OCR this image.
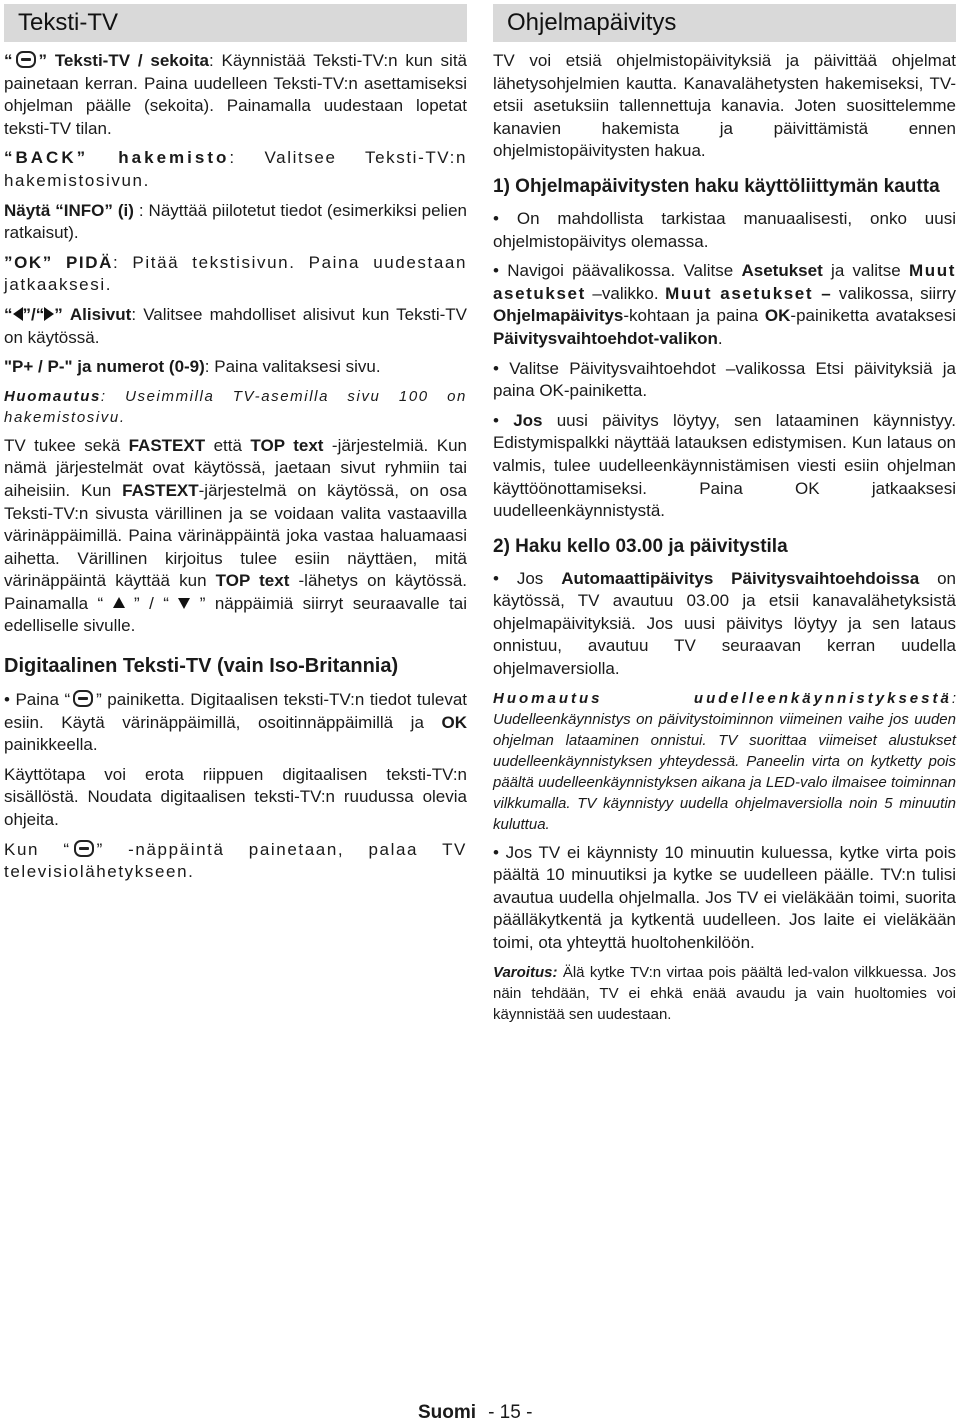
Teksti-TV

“ ” Teksti-TV / sekoita: Käynnistää Teksti-TV:n kun sitä painetaan kerran. Paina uudelleen Teksti-TV:n asettamiseksi ohjelman päälle (sekoita). Painamalla uudestaan lopetat teksti-TV tilan.

“BACK” hakemisto: Valitsee Teksti-TV:n hakemistosivun.

Näytä “INFO” (i) : Näyttää piilotetut tiedot (esimerkiksi pelien ratkaisut).

”OK” PIDÄ: Pitää tekstisivun. Paina uudestaan jatkaaksesi.

“ ”/“ ” Alisivut: Valitsee mahdolliset alisivut kun Teksti-TV on käytössä.

"P+ / P-" ja numerot (0-9): Paina valitaksesi sivu.

Huomautus: Useimmilla TV-asemilla sivu 100 on hakemistosivu.

TV tukee sekä FASTEXT että TOP text -järjestelmiä. Kun nämä järjestelmät ovat käytössä, jaetaan sivut ryhmiin tai aiheisiin. Kun FASTEXT-järjestelmä on käytössä, on osa Teksti-TV:n sivusta värillinen ja se voidaan valita vastaavilla värinäppäimillä. Paina värinäppäintä joka vastaa haluamaasi aihetta. Värillinen kirjoitus tulee esiin näyttäen, mitä värinäppäintä käyttää kun TOP text -lähetys on käytössä. Painamalla “  ” / “  ” näppäimiä siirryt seuraavalle tai edelliselle sivulle.

Digitaalinen Teksti-TV (vain Iso-Britannia)

• Paina “ ” painiketta. Digitaalisen teksti-TV:n tiedot tulevat esiin. Käytä värinäppäimillä, osoitinnäppäimillä ja OK painikkeella.

Käyttötapa voi erota riippuen digitaalisen teksti-TV:n sisällöstä. Noudata digitaalisen teksti-TV:n ruudussa olevia ohjeita.

Kun “ ” -näppäintä painetaan, palaa TV televisiolähetykseen.

Ohjelmapäivitys

TV voi etsiä ohjelmistopäivityksiä ja päivittää ohjelmat lähetysohjelmien kautta. Kanavalähetysten hakemiseksi, TV-etsii asetuksiin tallennettuja kanavia. Joten suosittelemme kanavien hakemista ja päivittämistä ennen ohjelmistopäivitysten hakua.

1) Ohjelmapäivitysten haku käyttöliittymän kautta

• On mahdollista tarkistaa manuaalisesti, onko uusi ohjelmistopäivitys olemassa.

• Navigoi päävalikossa. Valitse Asetukset ja valitse Muut asetukset –valikko. Muut asetukset – valikossa, siirry Ohjelmapäivitys-kohtaan ja paina OK-painiketta avataksesi Päivitysvaihtoehdot-valikon.

• Valitse Päivitysvaihtoehdot –valikossa Etsi päivityksiä ja paina OK-painiketta.

• Jos uusi päivitys löytyy, sen lataaminen käynnistyy. Edistymispalkki näyttää latauksen edistymisen. Kun lataus on valmis, tulee uudelleenkäynnistämisen viesti esiin ohjelman käyttöönottamiseksi. Paina OK jatkaaksesi uudelleenkäynnistystä.

2) Haku kello 03.00 ja päivitystila

• Jos Automaattipäivitys Päivitysvaihtoehdoissa on käytössä, TV avautuu 03.00 ja etsii kanavalähetyksistä ohjelmapäivityksiä. Jos uusi päivitys löytyy ja sen lataus onnistuu, avautuu TV seuraavan kerran uudella ohjelmaversiolla.

Huomautus uudelleenkäynnistyksestä: Uudelleenkäynnistys on päivitystoiminnon viimeinen vaihe jos uuden ohjelman lataaminen onnistui. TV suorittaa viimeiset alustukset uudelleenkäynnistyksen yhteydessä. Paneelin virta on kytketty pois päältä uudelleenkäynnistyksen aikana ja LED-valo ilmaisee toiminnan vilkkumalla. TV käynnistyy uudella ohjelmaversiolla noin 5 minuutin kuluttua.

• Jos TV ei käynnisty 10 minuutin kuluessa, kytke virta pois päältä 10 minuutiksi ja kytke se uudelleen päälle. TV:n tulisi avautua uudella ohjelmalla. Jos TV ei vieläkään toimi, suorita päälläkytkentä ja kytkentä uudelleen. Jos laite ei vieläkään toimi, ota yhteyttä huoltohenkilöön.

Varoitus: Älä kytke TV:n virtaa pois päältä led-valon vilkkuessa. Jos näin tehdään, TV ei ehkä enää avaudu ja vain huoltomies voi käynnistää sen uudestaan.

Suomi - 15 -
